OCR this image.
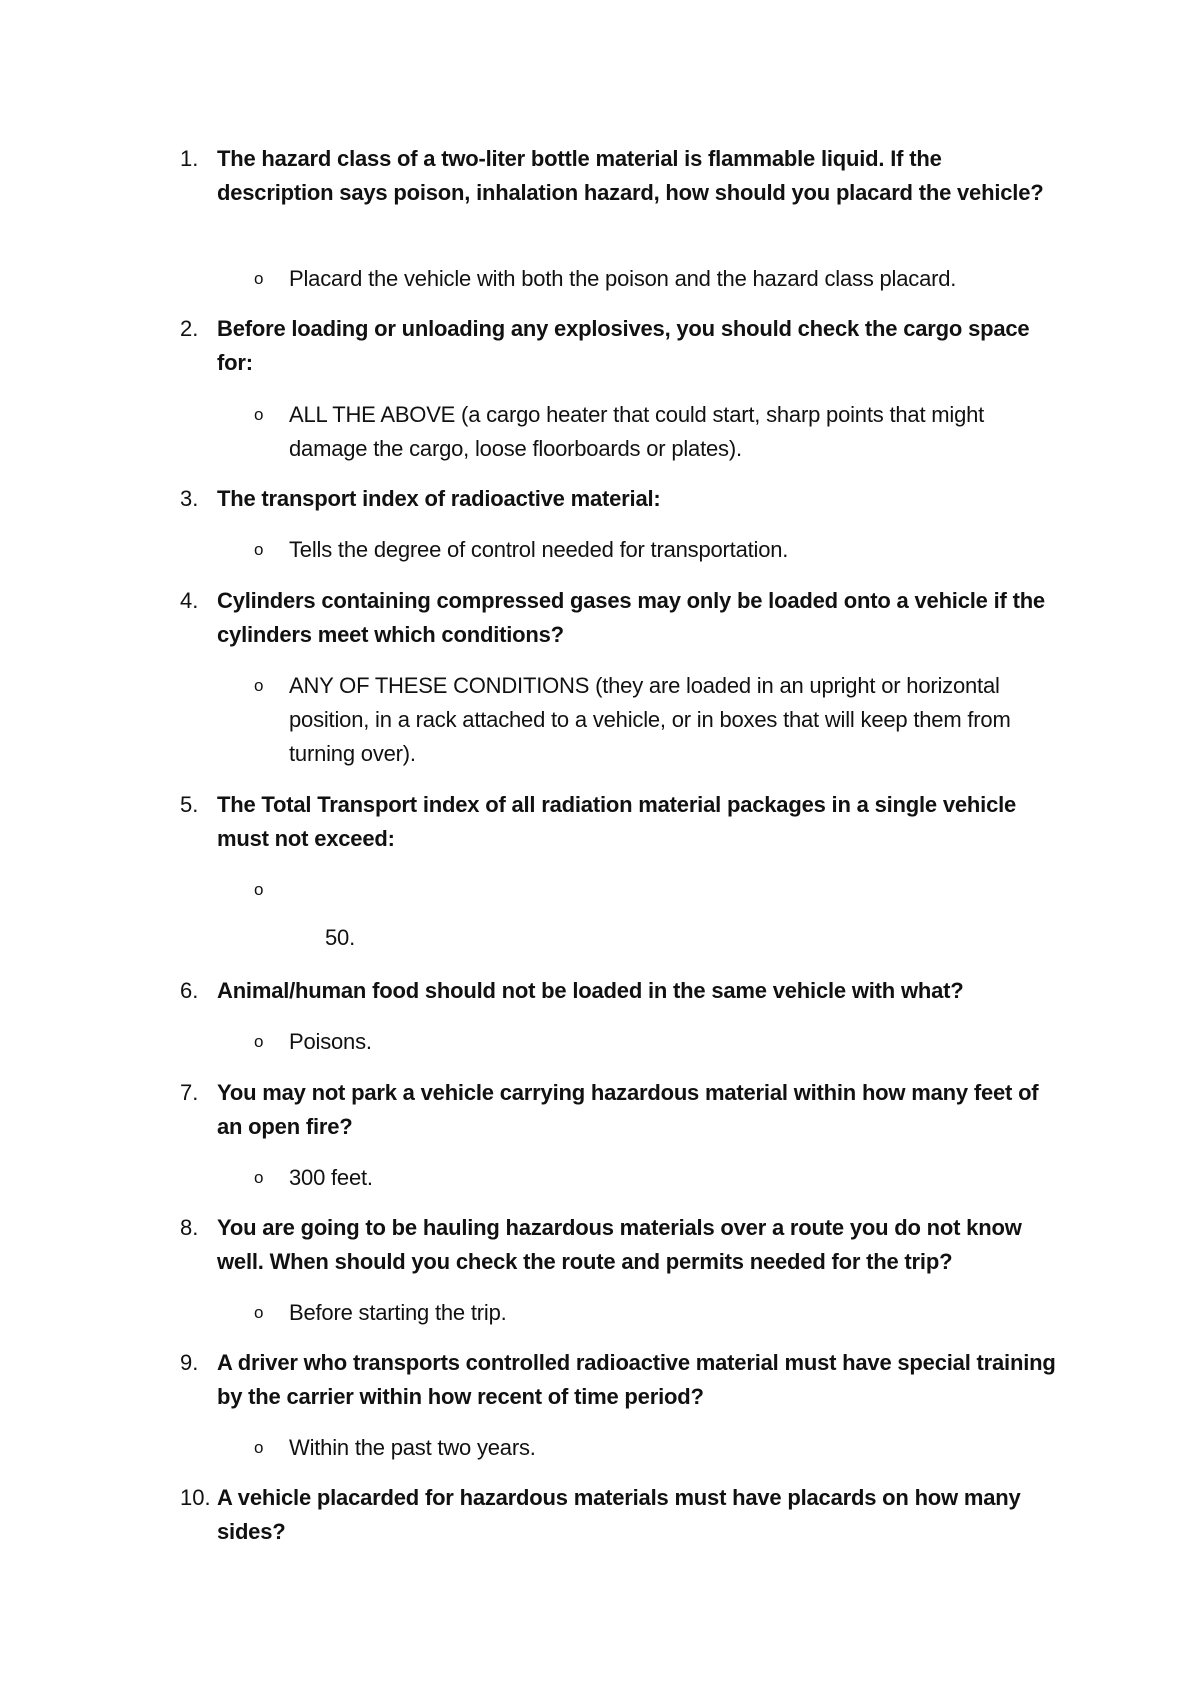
1. The hazard class of a two-liter bottle material is flammable liquid. If the description says poison, inhalation hazard, how should you placard the vehicle?
o Placard the vehicle with both the poison and the hazard class placard.
2. Before loading or unloading any explosives, you should check the cargo space for:
o ALL THE ABOVE (a cargo heater that could start, sharp points that might damage the cargo, loose floorboards or plates).
3. The transport index of radioactive material:
o Tells the degree of control needed for transportation.
4. Cylinders containing compressed gases may only be loaded onto a vehicle if the cylinders meet which conditions?
o ANY OF THESE CONDITIONS (they are loaded in an upright or horizontal position, in a rack attached to a vehicle, or in boxes that will keep them from turning over).
5. The Total Transport index of all radiation material packages in a single vehicle must not exceed:
o
50.
6. Animal/human food should not be loaded in the same vehicle with what?
o Poisons.
7. You may not park a vehicle carrying hazardous material within how many feet of an open fire?
o 300 feet.
8. You are going to be hauling hazardous materials over a route you do not know well. When should you check the route and permits needed for the trip?
o Before starting the trip.
9. A driver who transports controlled radioactive material must have special training by the carrier within how recent of time period?
o Within the past two years.
10. A vehicle placarded for hazardous materials must have placards on how many sides?
